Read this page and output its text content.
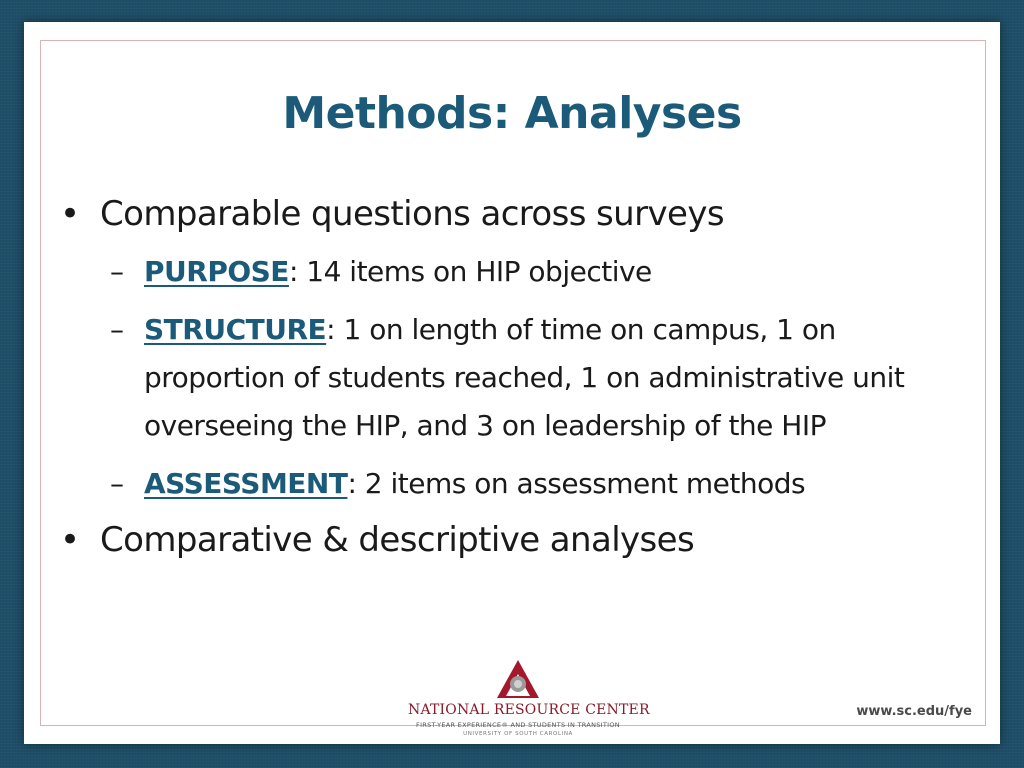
Methods: Analyses
• Comparable questions across surveys
– PURPOSE: 14 items on HIP objective
– STRUCTURE: 1 on length of time on campus, 1 on proportion of students reached, 1 on administrative unit overseeing the HIP, and 3 on leadership of the HIP
– ASSESSMENT: 2 items on assessment methods
• Comparative & descriptive analyses
NATIONAL RESOURCE CENTER
FIRST-YEAR EXPERIENCE® AND STUDENTS IN TRANSITION
UNIVERSITY OF SOUTH CAROLINA
www.sc.edu/fye
